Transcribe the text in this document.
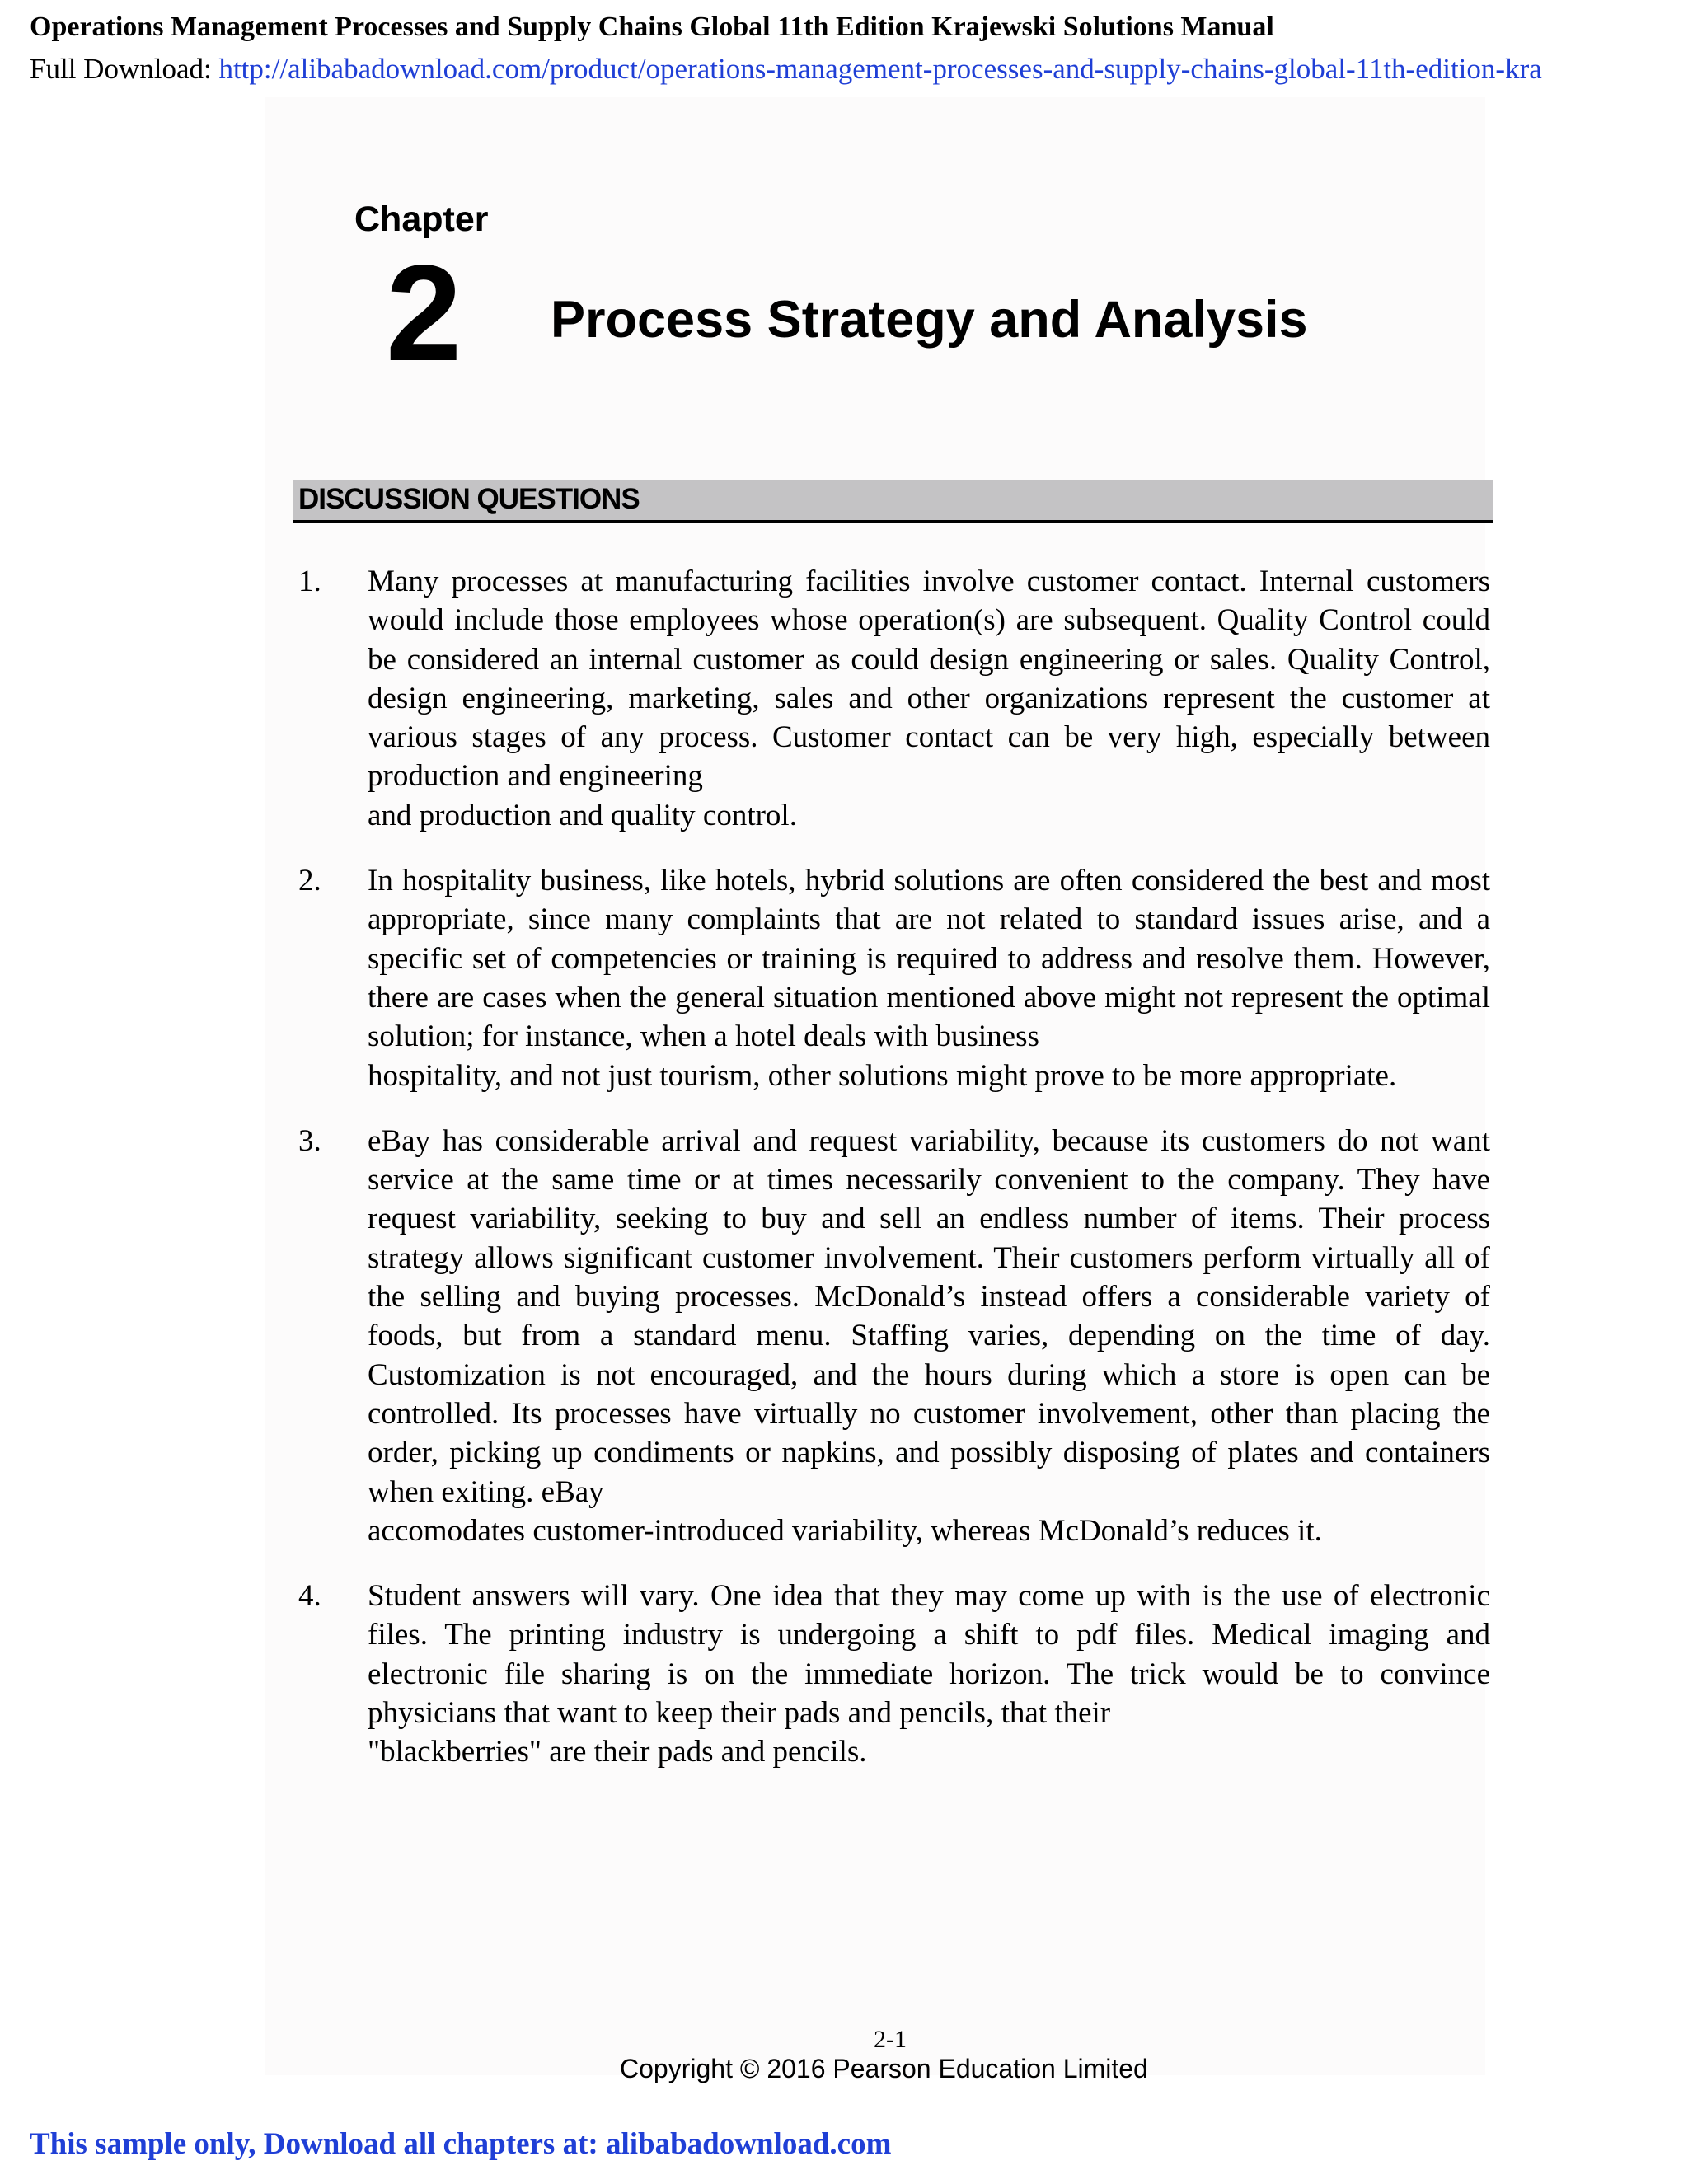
Operations Management Processes and Supply Chains Global 11th Edition Krajewski Solutions Manual
Full Download: http://alibabadownload.com/product/operations-management-processes-and-supply-chains-global-11th-edition-kra
Chapter
2 Process Strategy and Analysis
DISCUSSION QUESTIONS
1. Many processes at manufacturing facilities involve customer contact. Internal customers would include those employees whose operation(s) are subsequent. Quality Control could be considered an internal customer as could design engineering or sales. Quality Control, design engineering, marketing, sales and other organizations represent the customer at various stages of any process. Customer contact can be very high, especially between production and engineering
and production and quality control.
2. In hospitality business, like hotels, hybrid solutions are often considered the best and most appropriate, since many complaints that are not related to standard issues arise, and a specific set of competencies or training is required to address and resolve them. However, there are cases when the general situation mentioned above might not represent the optimal solution; for instance, when a hotel deals with business
hospitality, and not just tourism, other solutions might prove to be more appropriate.
3. eBay has considerable arrival and request variability, because its customers do not want service at the same time or at times necessarily convenient to the company. They have request variability, seeking to buy and sell an endless number of items. Their process strategy allows significant customer involvement. Their customers perform virtually all of the selling and buying processes. McDonald’s instead offers a considerable variety of foods, but from a standard menu. Staffing varies, depending on the time of day. Customization is not encouraged, and the hours during which a store is open can be controlled. Its processes have virtually no customer involvement, other than placing the order, picking up condiments or napkins, and possibly disposing of plates and containers when exiting. eBay
accomodates customer-introduced variability, whereas McDonald’s reduces it.
4. Student answers will vary. One idea that they may come up with is the use of electronic files. The printing industry is undergoing a shift to pdf files. Medical imaging and electronic file sharing is on the immediate horizon. The trick would be to convince physicians that want to keep their pads and pencils, that their
"blackberries" are their pads and pencils.
2-1
Copyright © 2016 Pearson Education Limited
This sample only, Download all chapters at: alibabadownload.com
